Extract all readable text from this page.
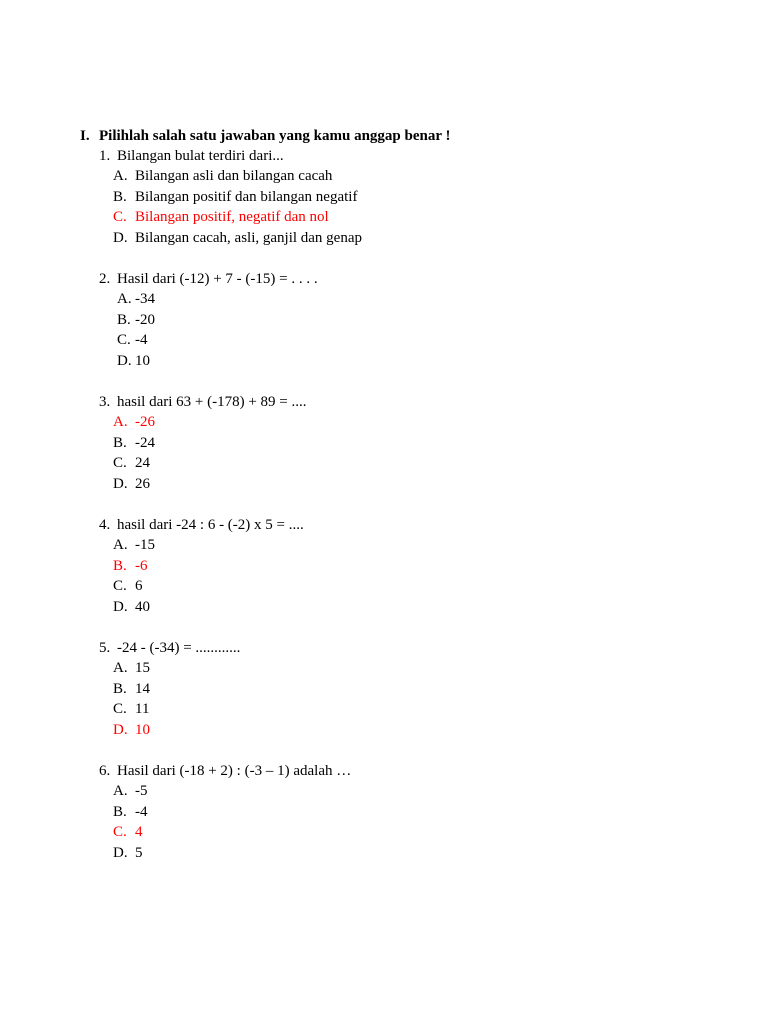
I. Pilihlah salah satu jawaban yang kamu anggap benar !
1. Bilangan bulat terdiri dari...
A. Bilangan asli dan bilangan cacah
B. Bilangan positif dan bilangan negatif
C. Bilangan positif, negatif dan nol
D. Bilangan cacah, asli, ganjil dan genap
2. Hasil dari (-12) + 7 - (-15) = . . . .
A. -34
B. -20
C. -4
D. 10
3. hasil dari 63 + (-178) + 89 = ....
A. -26
B. -24
C. 24
D. 26
4. hasil dari -24 : 6 - (-2) x 5 = ....
A. -15
B. -6
C. 6
D. 40
5. -24 - (-34) = ............
A. 15
B. 14
C. 11
D. 10
6. Hasil dari (-18 + 2) : (-3 – 1) adalah …
A. -5
B. -4
C. 4
D. 5
